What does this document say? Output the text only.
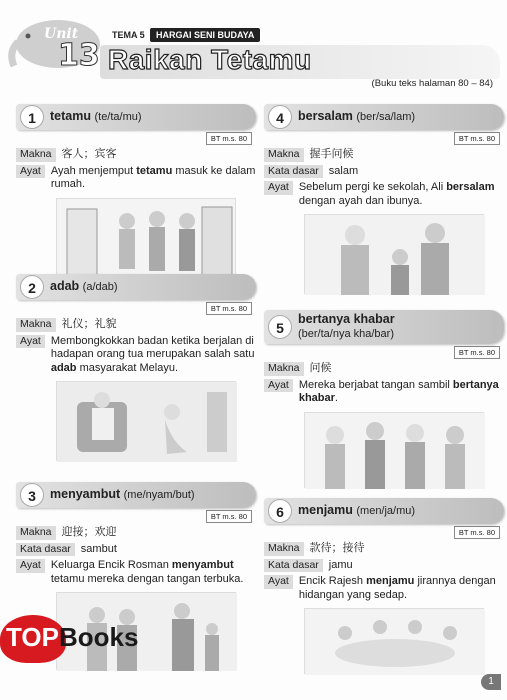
Unit
13
TEMA 5	HARGAI SENI BUDAYA
Raikan Tetamu
(Buku teks halaman 80 – 84)
1	tetamu (te/ta/mu)
BT m.s. 80
Makna 客人；宾客
Ayat Ayah menjemput tetamu masuk ke dalam rumah.
2	adab (a/dab)
BT m.s. 80
Makna 礼仪；礼貌
Ayat Membongkokkan badan ketika berjalan di hadapan orang tua merupakan salah satu adab masyarakat Melayu.
3	menyambut (me/nyam/but)
BT m.s. 80
Makna 迎接；欢迎
Kata dasar sambut
Ayat Keluarga Encik Rosman menyambut tetamu mereka dengan tangan terbuka.
4	bersalam (ber/sa/lam)
BT m.s. 80
Makna 握手问候
Kata dasar salam
Ayat Sebelum pergi ke sekolah, Ali bersalam dengan ayah dan ibunya.
5
bertanya khabar
(ber/ta/nya kha/bar)
BT m.s. 80
Makna 问候
Ayat Mereka berjabat tangan sambil bertanya khabar.
6	menjamu (men/ja/mu)
BT m.s. 80
Makna 款待；接待
Kata dasar jamu
Ayat Encik Rajesh menjamu jirannya dengan hidangan yang sedap.
TOPBooks
1
